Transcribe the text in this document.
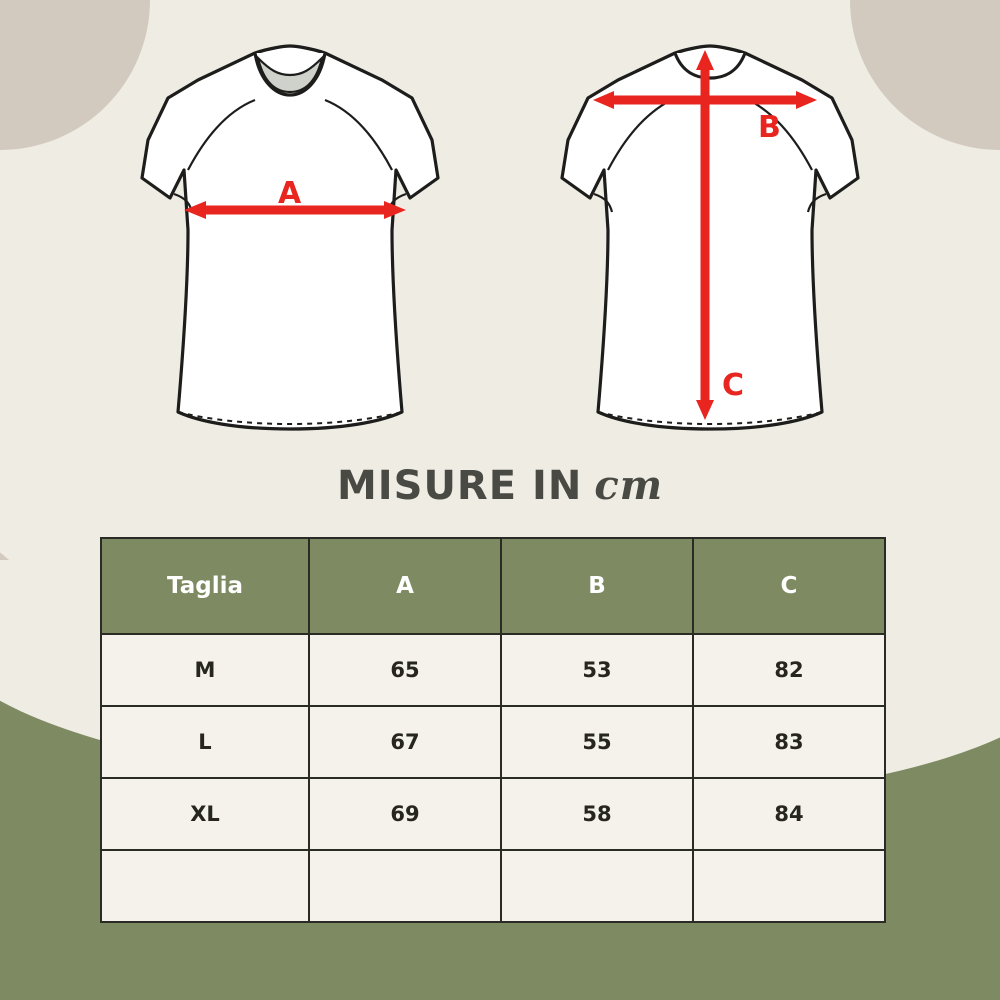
A
B
C
MISURE IN cm
Taglia	A	B	C
M	65	53	82
L	67	55	83
XL	69	58	84
